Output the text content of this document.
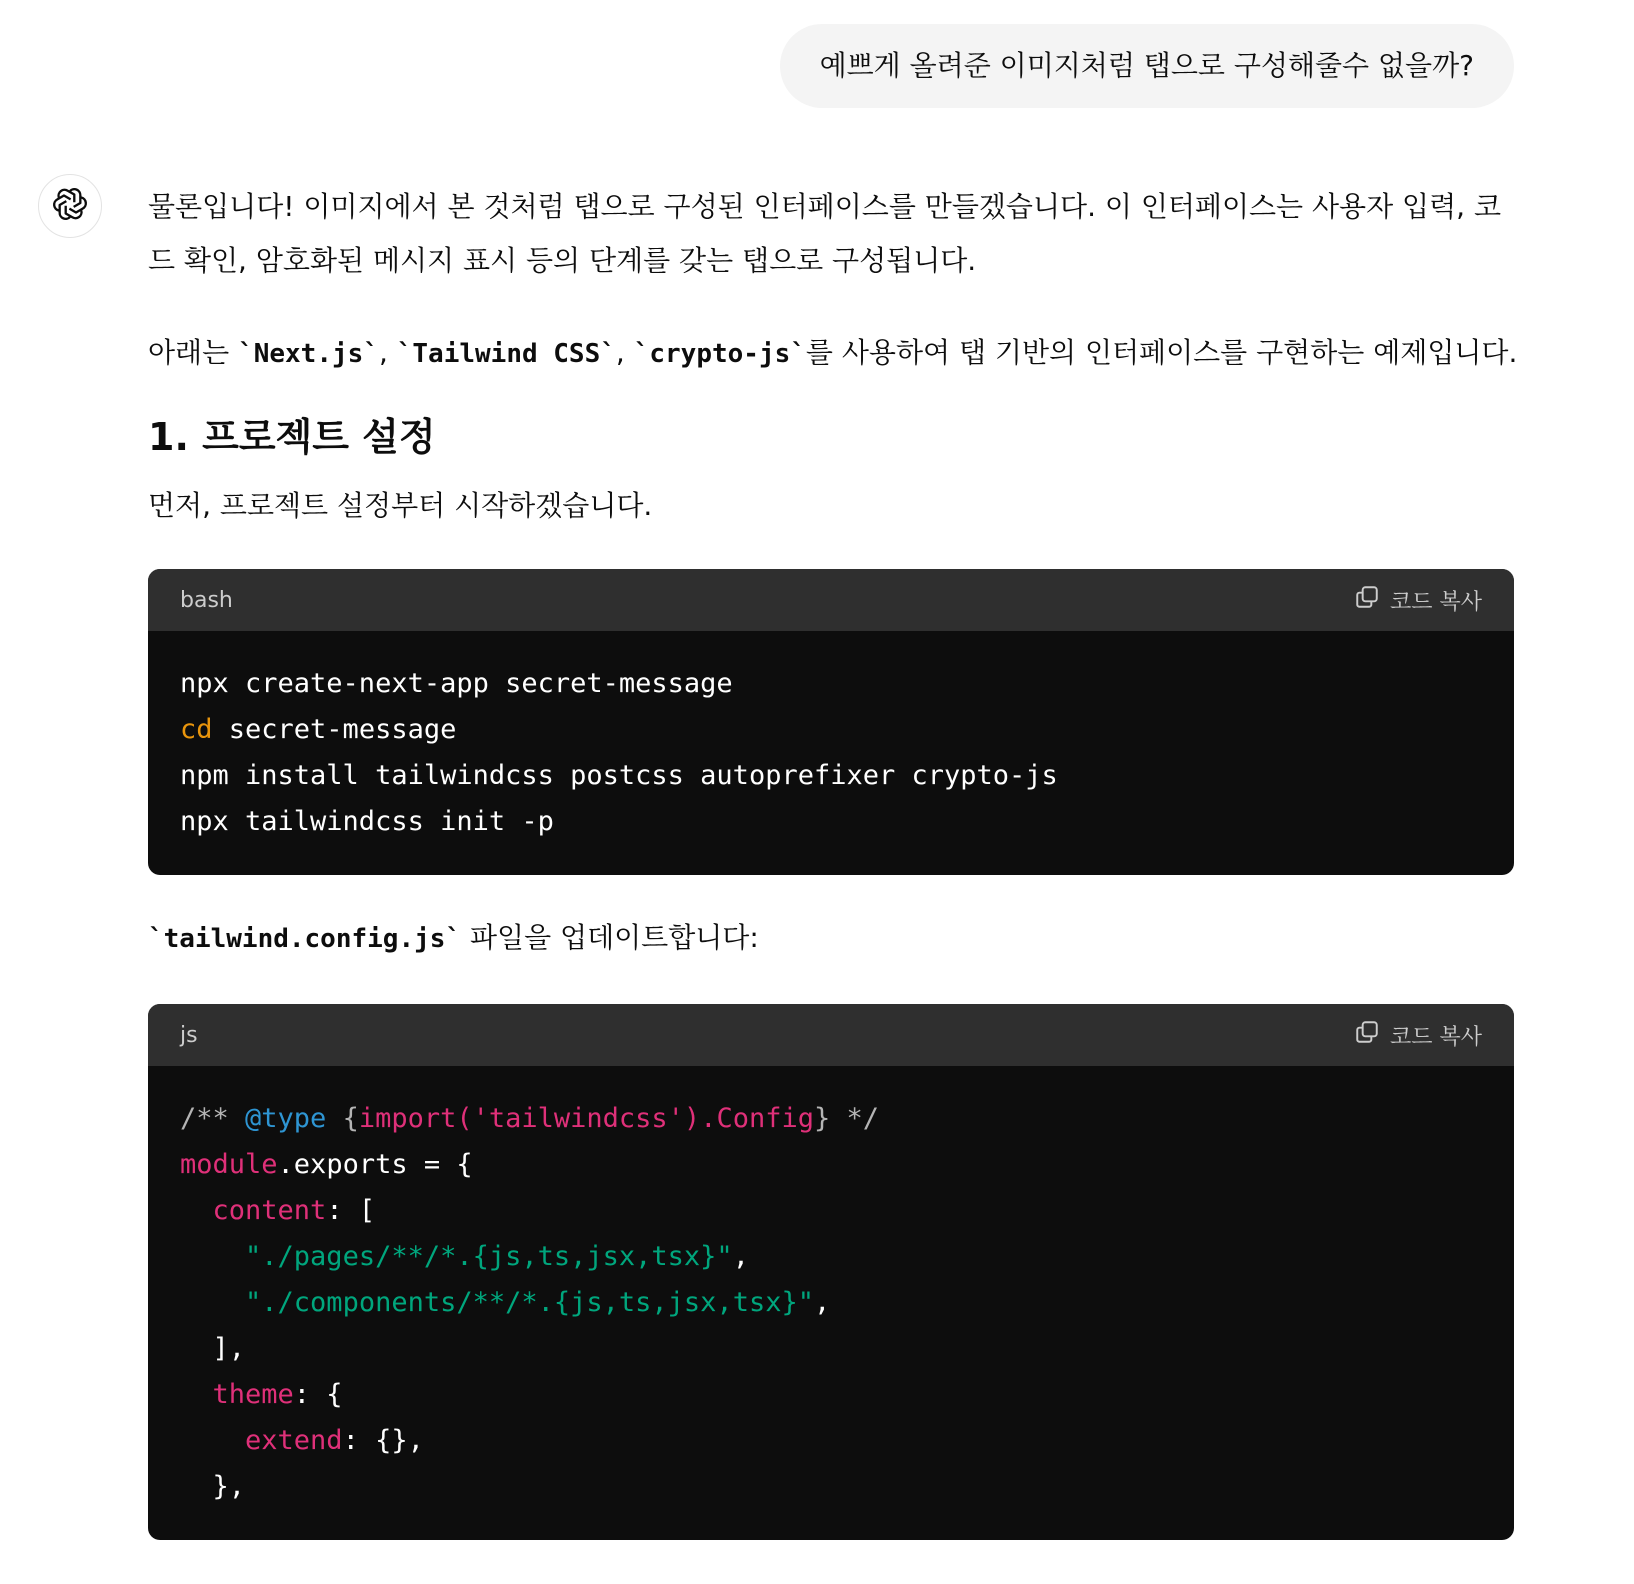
예쁘게 올려준 이미지처럼 탭으로 구성해줄수 없을까?

물론입니다! 이미지에서 본 것처럼 탭으로 구성된 인터페이스를 만들겠습니다. 이 인터페이스는 사용자 입력, 코드 확인, 암호화된 메시지 표시 등의 단계를 갖는 탭으로 구성됩니다.

아래는 `Next.js`, `Tailwind CSS`, `crypto-js`를 사용하여 탭 기반의 인터페이스를 구현하는 예제입니다.

1. 프로젝트 설정

먼저, 프로젝트 설정부터 시작하겠습니다.

bash	코드 복사
npx create-next-app secret-message
cd secret-message
npm install tailwindcss postcss autoprefixer crypto-js
npx tailwindcss init -p

`tailwind.config.js` 파일을 업데이트합니다:

js	코드 복사
/** @type {import('tailwindcss').Config} */
module.exports = {
content: [
"./pages/**/*.{js,ts,jsx,tsx}",
"./components/**/*.{js,ts,jsx,tsx}",
],
theme: {
extend: {},
},
